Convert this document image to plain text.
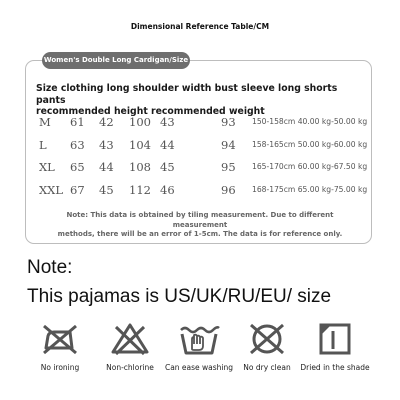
Dimensional Reference Table/CM
Women's Double Long Cardigan/Size
Size clothing long shoulder width bust sleeve long shorts pants
recommended height recommended weight
M 61 42 100 43	93 150-158cm 40.00 kg-50.00 kg
L 63 43 104 44	94 158-165cm 50.00 kg-60.00 kg
XL 65 44 108 45	95 165-170cm 60.00 kg-67.50 kg
XXL 67 45 112 46	96 168-175cm 65.00 kg-75.00 kg
Note: This data is obtained by tiling measurement. Due to different measurement
methods, there will be an error of 1-5cm. The data is for reference only.
Note:
This pajamas is US/UK/RU/EU/ size
No ironing	Non-chlorine	Can ease washing	No dry clean	Dried in the shade
